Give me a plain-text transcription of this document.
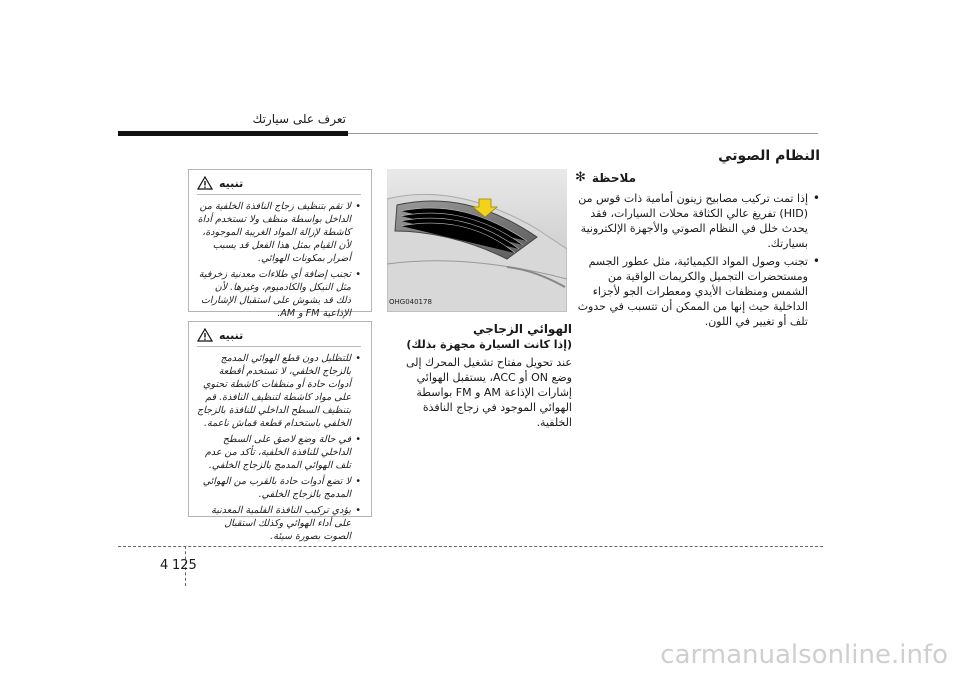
تعرف على سيارتك
النظام الصوتي
✻ ملاحظة
• إذا تمت تركيب مصابيح زينون أمامية ذات قوس من (HID) تفريغ عالي الكثافة محلات السيارات، فقد يحدث خلل في النظام الصوتي والأجهزة الإلكترونية بسيارتك.
• تجنب وصول المواد الكيميائية، مثل عطور الجسم ومستحضرات التجميل والكريمات الواقية من الشمس ومنظفات الأيدي ومعطرات الجو لأجزاء الداخلية حيث إنها من الممكن أن تتسبب في حدوث تلف أو تغيير في اللون.
OHG040178
الهوائي الزجاجي
(إذا كانت السيارة مجهزة بذلك)
عند تحويل مفتاح تشغيل المحرك إلى وضع ON أو ACC، يستقبل الهوائي إشارات الإذاعة AM و FM بواسطة الهوائي الموجود في زجاج النافذة الخلفية.
تنبيه
• لا تقم بتنظيف زجاج النافذة الخلفية من الداخل بواسطة منظف ولا تستخدم أداة كاشطة لإزالة المواد الغريبة الموجودة، لأن القيام بمثل هذا الفعل قد يسبب أضرار بمكونات الهوائي.
• تجنب إضافة أي طلاءات معدنية زخرفية مثل النيكل والكادميوم، وغيرها. لأن ذلك قد يشوش على استقبال الإشارات الإذاعية FM و AM.
تنبيه
• للتظليل دون قطع الهوائي المدمج بالزجاج الخلفي، لا تستخدم أقطعة أدوات حادة أو منظفات كاشطة تحتوي على مواد كاشطة لتنظيف النافذة. قم بتنظيف السطح الداخلي للنافذة بالزجاج الخلفي باستخدام قطعة قماش ناعمة.
• في حالة وضع لاصق على السطح الداخلي للنافذة الخلفية، تأكد من عدم تلف الهوائي المدمج بالزجاج الخلفي.
• لا تضع أدوات حادة بالقرب من الهوائي المدمج بالزجاج الخلفي.
• يؤدي تركيب النافذة الفلمية المعدنية على أداء الهوائي وكذلك استقبال الصوت بصورة سيئة.
4 125
carmanualsonline.info
